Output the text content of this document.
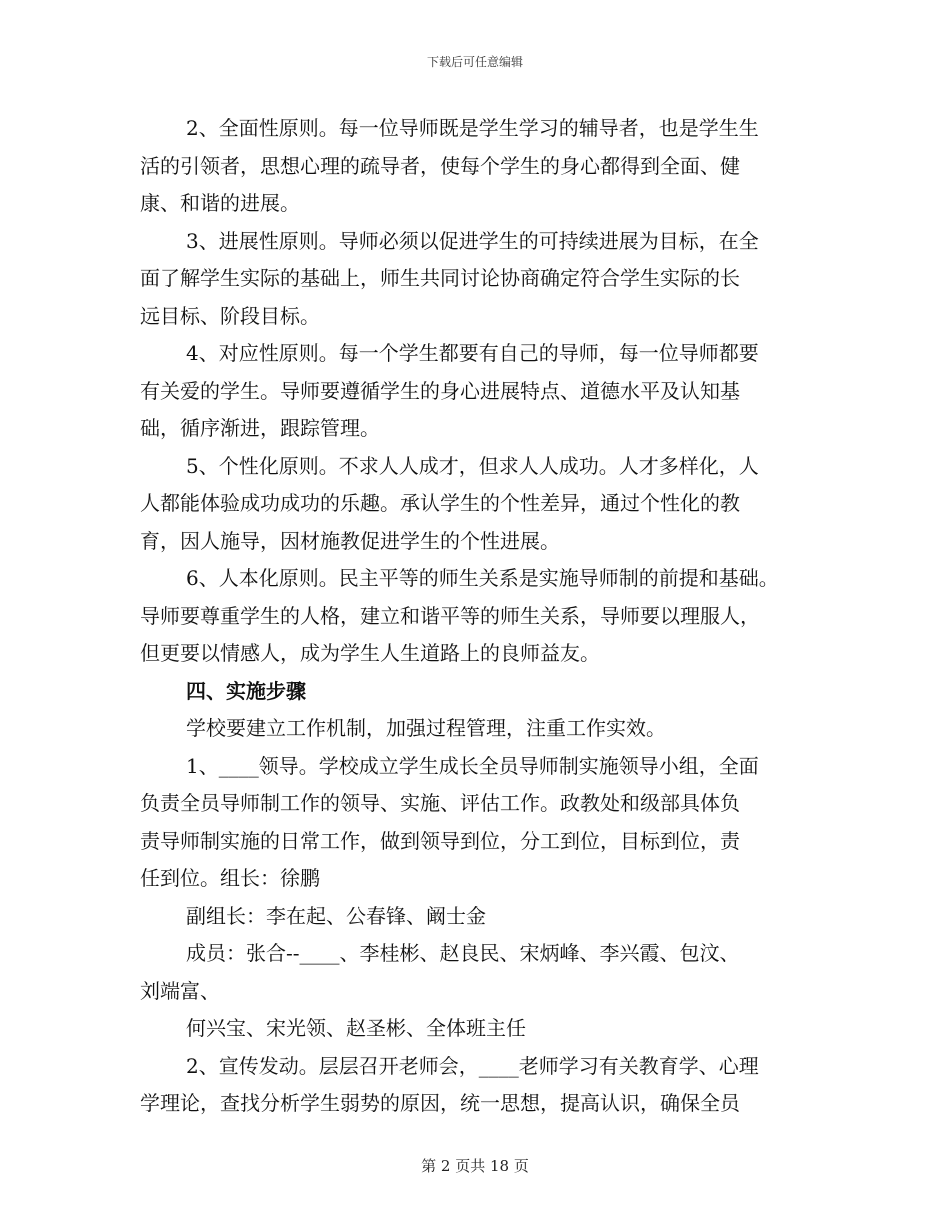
下载后可任意编辑

2、全面性原则。每一位导师既是学生学习的辅导者，也是学生生
活的引领者，思想心理的疏导者，使每个学生的身心都得到全面、健
康、和谐的进展。

3、进展性原则。导师必须以促进学生的可持续进展为目标，在全
面了解学生实际的基础上，师生共同讨论协商确定符合学生实际的长
远目标、阶段目标。

4、对应性原则。每一个学生都要有自己的导师，每一位导师都要
有关爱的学生。导师要遵循学生的身心进展特点、道德水平及认知基
础，循序渐进，跟踪管理。

5、个性化原则。不求人人成才，但求人人成功。人才多样化，人
人都能体验成功成功的乐趣。承认学生的个性差异，通过个性化的教
育，因人施导，因材施教促进学生的个性进展。

6、人本化原则。民主平等的师生关系是实施导师制的前提和基础。
导师要尊重学生的人格，建立和谐平等的师生关系，导师要以理服人，
但更要以情感人，成为学生人生道路上的良师益友。

四、实施步骤

学校要建立工作机制，加强过程管理，注重工作实效。

1、____领导。学校成立学生成长全员导师制实施领导小组，全面
负责全员导师制工作的领导、实施、评估工作。政教处和级部具体负
责导师制实施的日常工作，做到领导到位，分工到位，目标到位，责
任到位。组长：徐鹏

副组长：李在起、公春锋、阚士金

成员：张合--____、李桂彬、赵良民、宋炳峰、李兴霞、包汶、
刘端富、

何兴宝、宋光领、赵圣彬、全体班主任

2、宣传发动。层层召开老师会，____老师学习有关教育学、心理
学理论，查找分析学生弱势的原因，统一思想，提高认识，确保全员

第 2 页共 18 页
